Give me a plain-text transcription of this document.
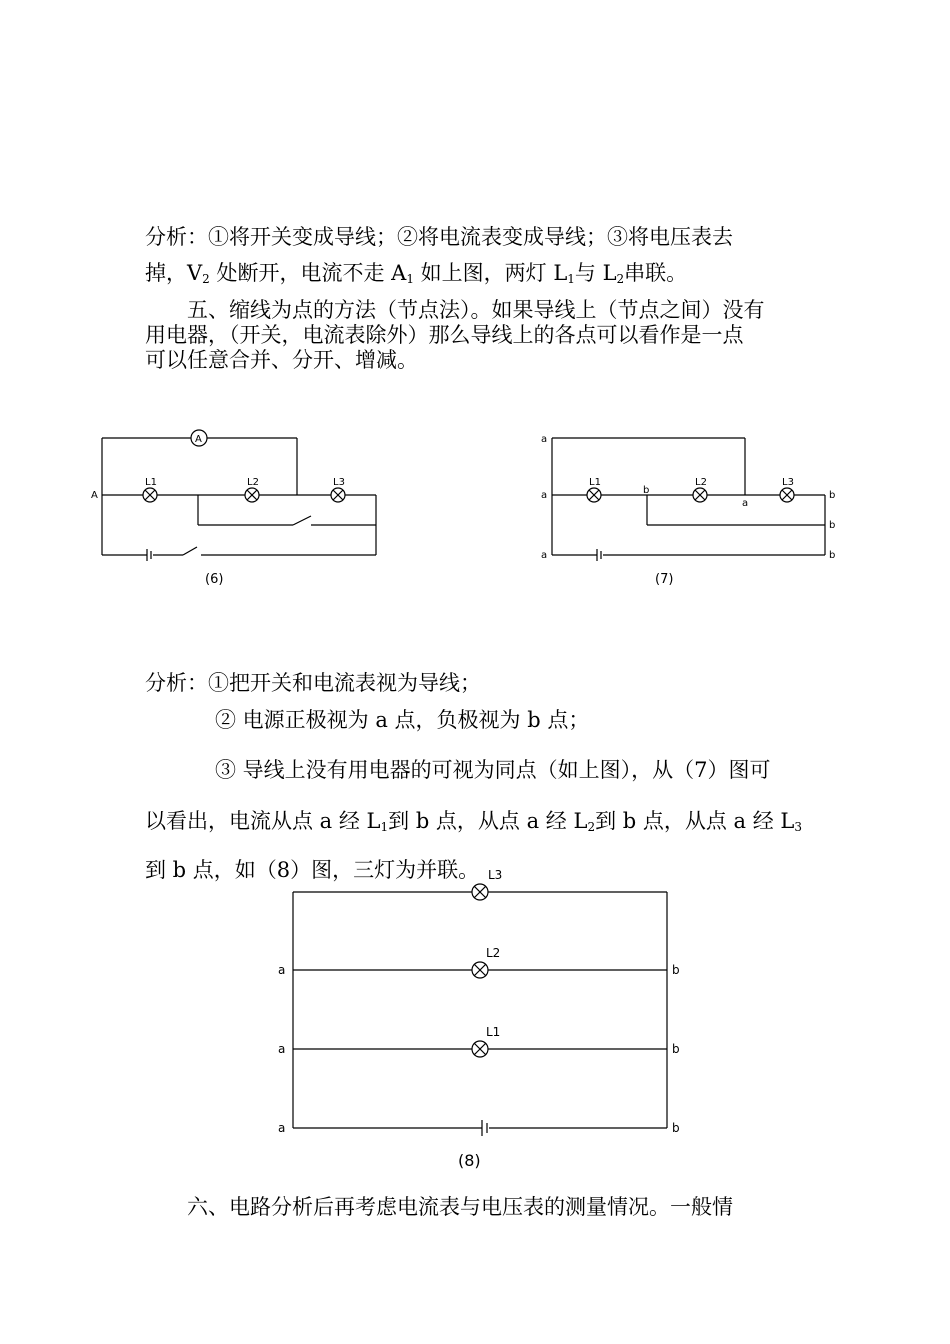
分析：①将开关变成导线；②将电流表变成导线；③将电压表去
掉，$V_2$ 处断开，电流不走 $A_1$ 如上图，两灯 $L_1$与 $L_2$串联。
　　五、缩线为点的方法（节点法）。如果导线上（节点之间）没有
用电器，（开关，电流表除外）那么导线上的各点可以看作是一点
可以任意合并、分开、增减。
A
A
L1	L2	L3
(6)
a
a
a
b
a
b
b
b
L1	L2	L3
(7)
分析：①把开关和电流表视为导线；
② 电源正极视为 a 点，负极视为 b 点；
③ 导线上没有用电器的可视为同点（如上图），从（7）图可
以看出，电流从点 a 经 $L_1$到 b 点，从点 a 经 $L_2$到 b 点，从点 a 经 $L_3$
到 b 点，如（8）图，三灯为并联。 L3
L2
L1
a
a
a
b
b
b
(8)
　　六、电路分析后再考虑电流表与电压表的测量情况。一般情
